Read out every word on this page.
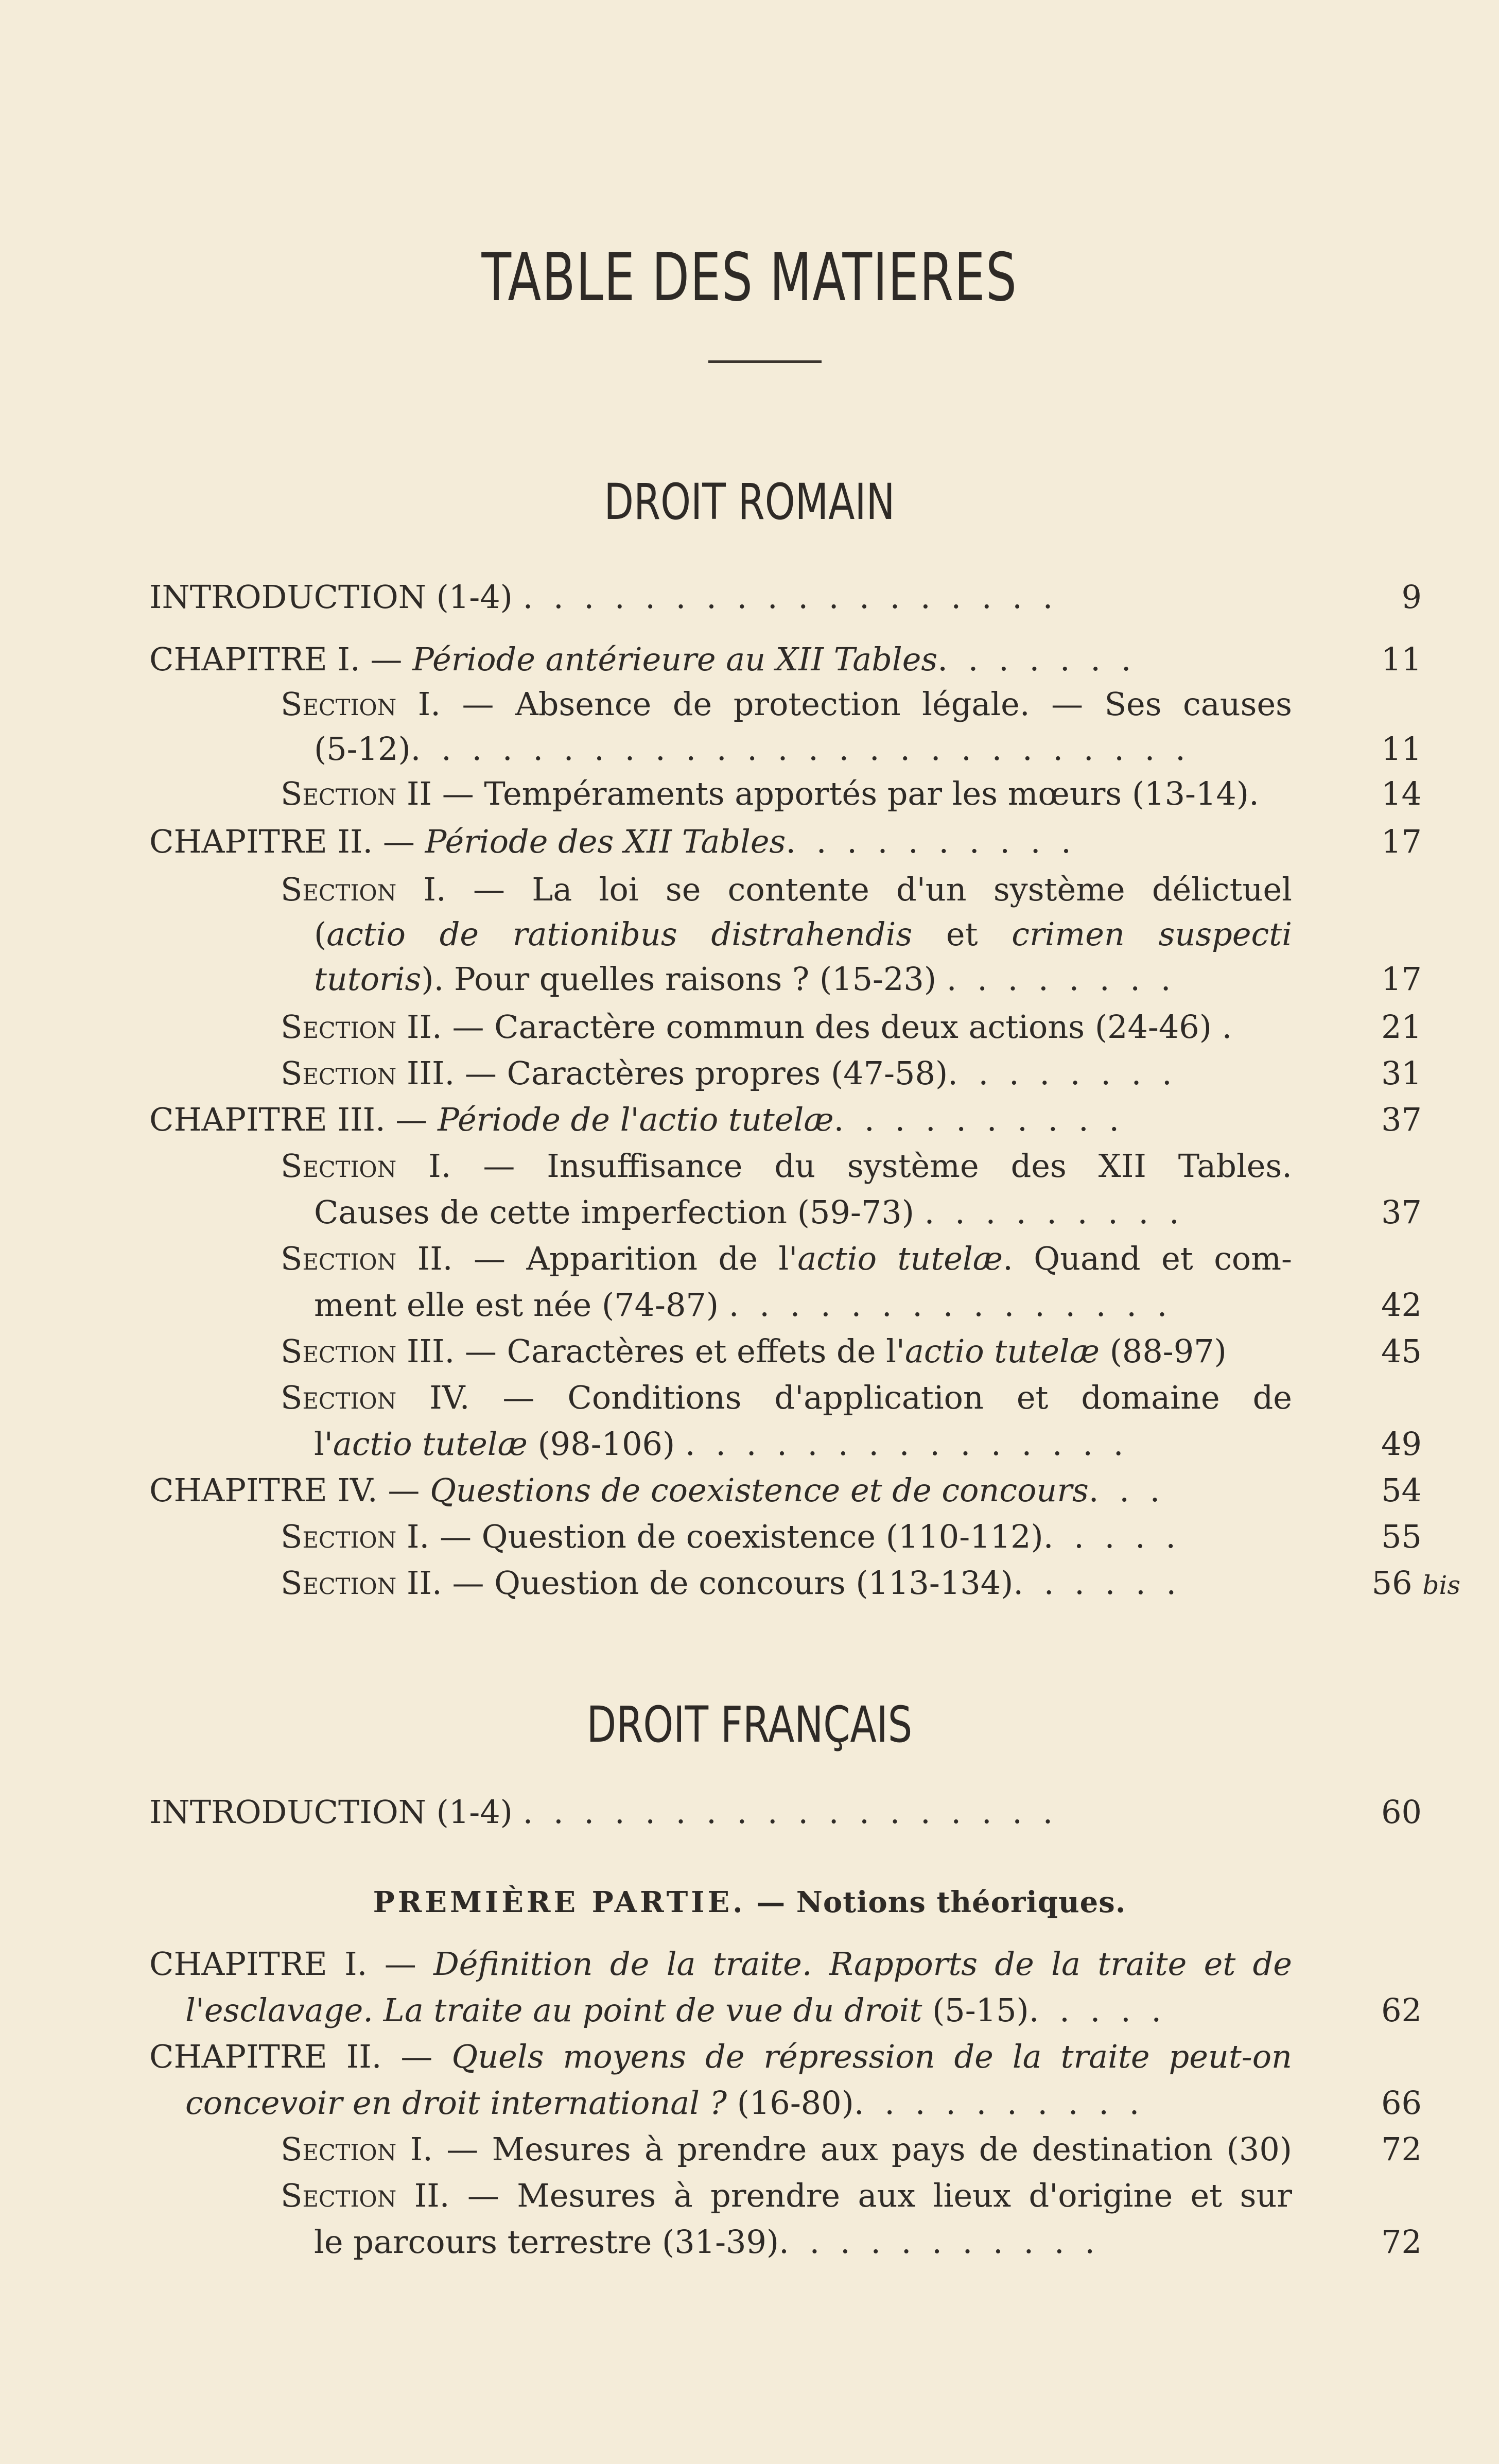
TABLE DES MATIERES
DROIT ROMAIN
INTRODUCTION (1-4) . . . . . . . . . . . . . . . . . .	9
CHAPITRE I. — Période antérieure au XII Tables. . . . . . .	11
Section I. — Absence de protection légale. — Ses causes
(5-12). . . . . . . . . . . . . . . . . . . . . . . . . .	11
Section II — Tempéraments apportés par les mœurs (13-14).	14
CHAPITRE II. — Période des XII Tables. . . . . . . . . .	17
Section I. — La loi se contente d'un système délictuel
(actio de rationibus distrahendis et crimen suspecti
tutoris). Pour quelles raisons ? (15-23) . . . . . . . .	17
Section II. — Caractère commun des deux actions (24-46) .	21
Section III. — Caractères propres (47-58). . . . . . . .	31
CHAPITRE III. — Période de l'actio tutelæ. . . . . . . . . .	37
Section I. — Insuffisance du système des XII Tables.
Causes de cette imperfection (59-73) . . . . . . . . .	37
Section II. — Apparition de l'actio tutelæ. Quand et com-
ment elle est née (74-87) . . . . . . . . . . . . . . .	42
Section III. — Caractères et effets de l'actio tutelæ (88-97)	45
Section IV. — Conditions d'application et domaine de
l'actio tutelæ (98-106) . . . . . . . . . . . . . . .	49
CHAPITRE IV. — Questions de coexistence et de concours. . .	54
Section I. — Question de coexistence (110-112). . . . .	55
Section II. — Question de concours (113-134). . . . . .	56 bis
DROIT FRANÇAIS
INTRODUCTION (1-4) . . . . . . . . . . . . . . . . . .	60
PREMIÈRE PARTIE. — Notions théoriques.
CHAPITRE I. — Définition de la traite. Rapports de la traite et de
l'esclavage. La traite au point de vue du droit (5-15). . . . .	62
CHAPITRE II. — Quels moyens de répression de la traite peut-on
concevoir en droit international ? (16-80). . . . . . . . . .	66
Section I. — Mesures à prendre aux pays de destination (30)	72
Section II. — Mesures à prendre aux lieux d'origine et sur
le parcours terrestre (31-39). . . . . . . . . . .	72
